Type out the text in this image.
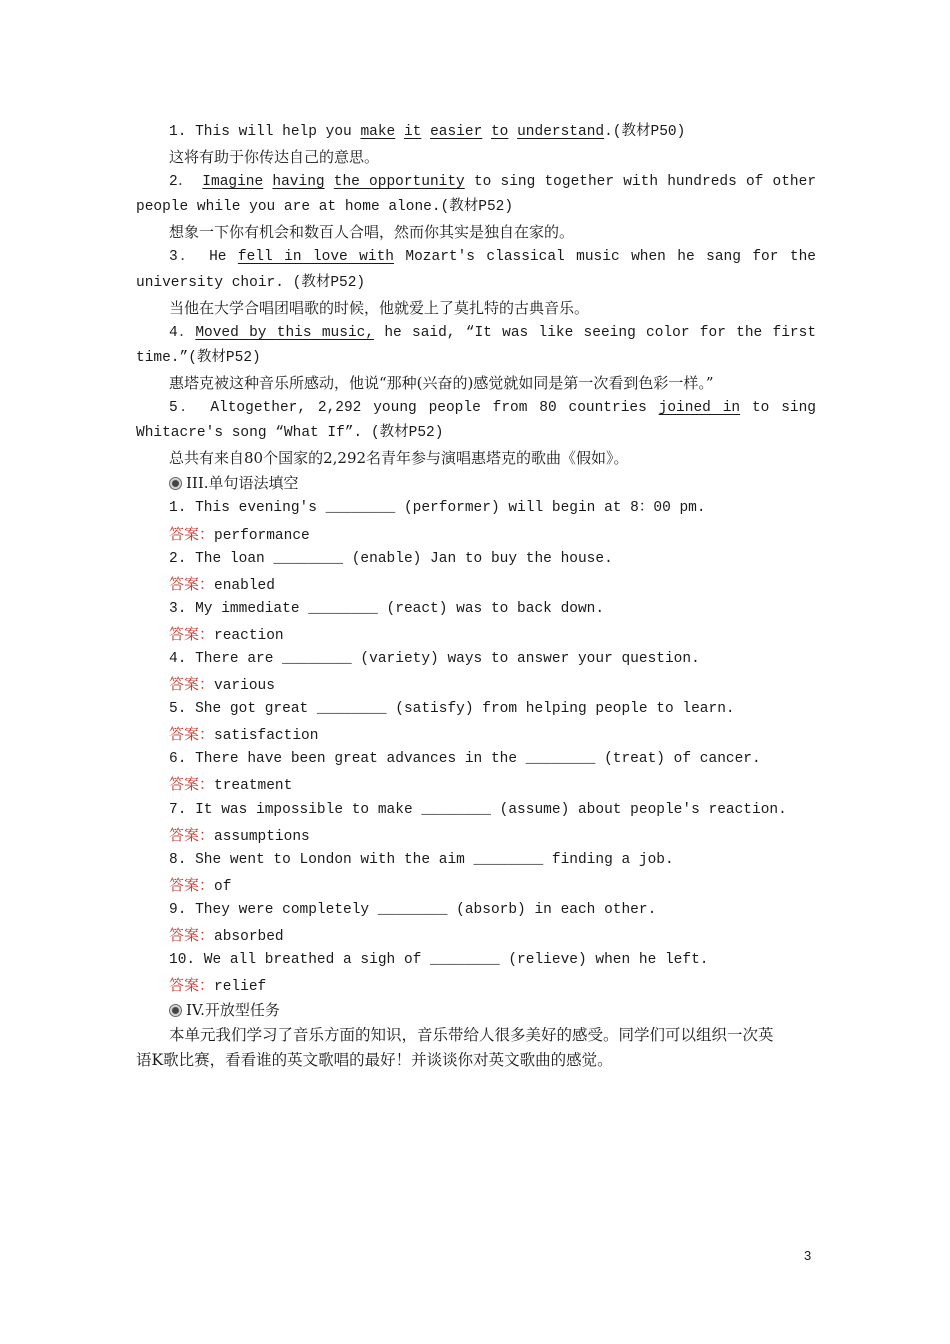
1. This will help you make it easier to understand.(教材P50)
这将有助于你传达自己的意思。
2． Imagine having the opportunity to sing together with hundreds of other
people while you are at home alone.(教材P52)
想象一下你有机会和数百人合唱，然而你其实是独自在家的。
3． He fell in love with Mozart's classical music when he sang for the
university choir. (教材P52)
当他在大学合唱团唱歌的时候，他就爱上了莫扎特的古典音乐。
4．Moved by this music, he said, “It was like seeing color for the first
time.”(教材P52)
惠塔克被这种音乐所感动，他说“那种(兴奋的)感觉就如同是第一次看到色彩一样。”
5． Altogether, 2,292 young people from 80 countries joined in to sing
Whitacre's song “What If”. (教材P52)
总共有来自80个国家的2,292名青年参与演唱惠塔克的歌曲《假如》。
III.单句语法填空
1. This evening's ________ (performer) will begin at 8：00 pm.
答案：performance
2. The loan ________ (enable) Jan to buy the house.
答案：enabled
3. My immediate ________ (react) was to back down.
答案：reaction
4. There are ________ (variety) ways to answer your question.
答案：various
5. She got great ________ (satisfy) from helping people to learn.
答案：satisfaction
6. There have been great advances in the ________ (treat) of cancer.
答案：treatment
7. It was impossible to make ________ (assume) about people's reaction.
答案：assumptions
8. She went to London with the aim ________ finding a job.
答案：of
9. They were completely ________ (absorb) in each other.
答案：absorbed
10. We all breathed a sigh of ________ (relieve) when he left.
答案：relief
IV.开放型任务
本单元我们学习了音乐方面的知识，音乐带给人很多美好的感受。同学们可以组织一次英
语K歌比赛，看看谁的英文歌唱的最好！并谈谈你对英文歌曲的感觉。
3
